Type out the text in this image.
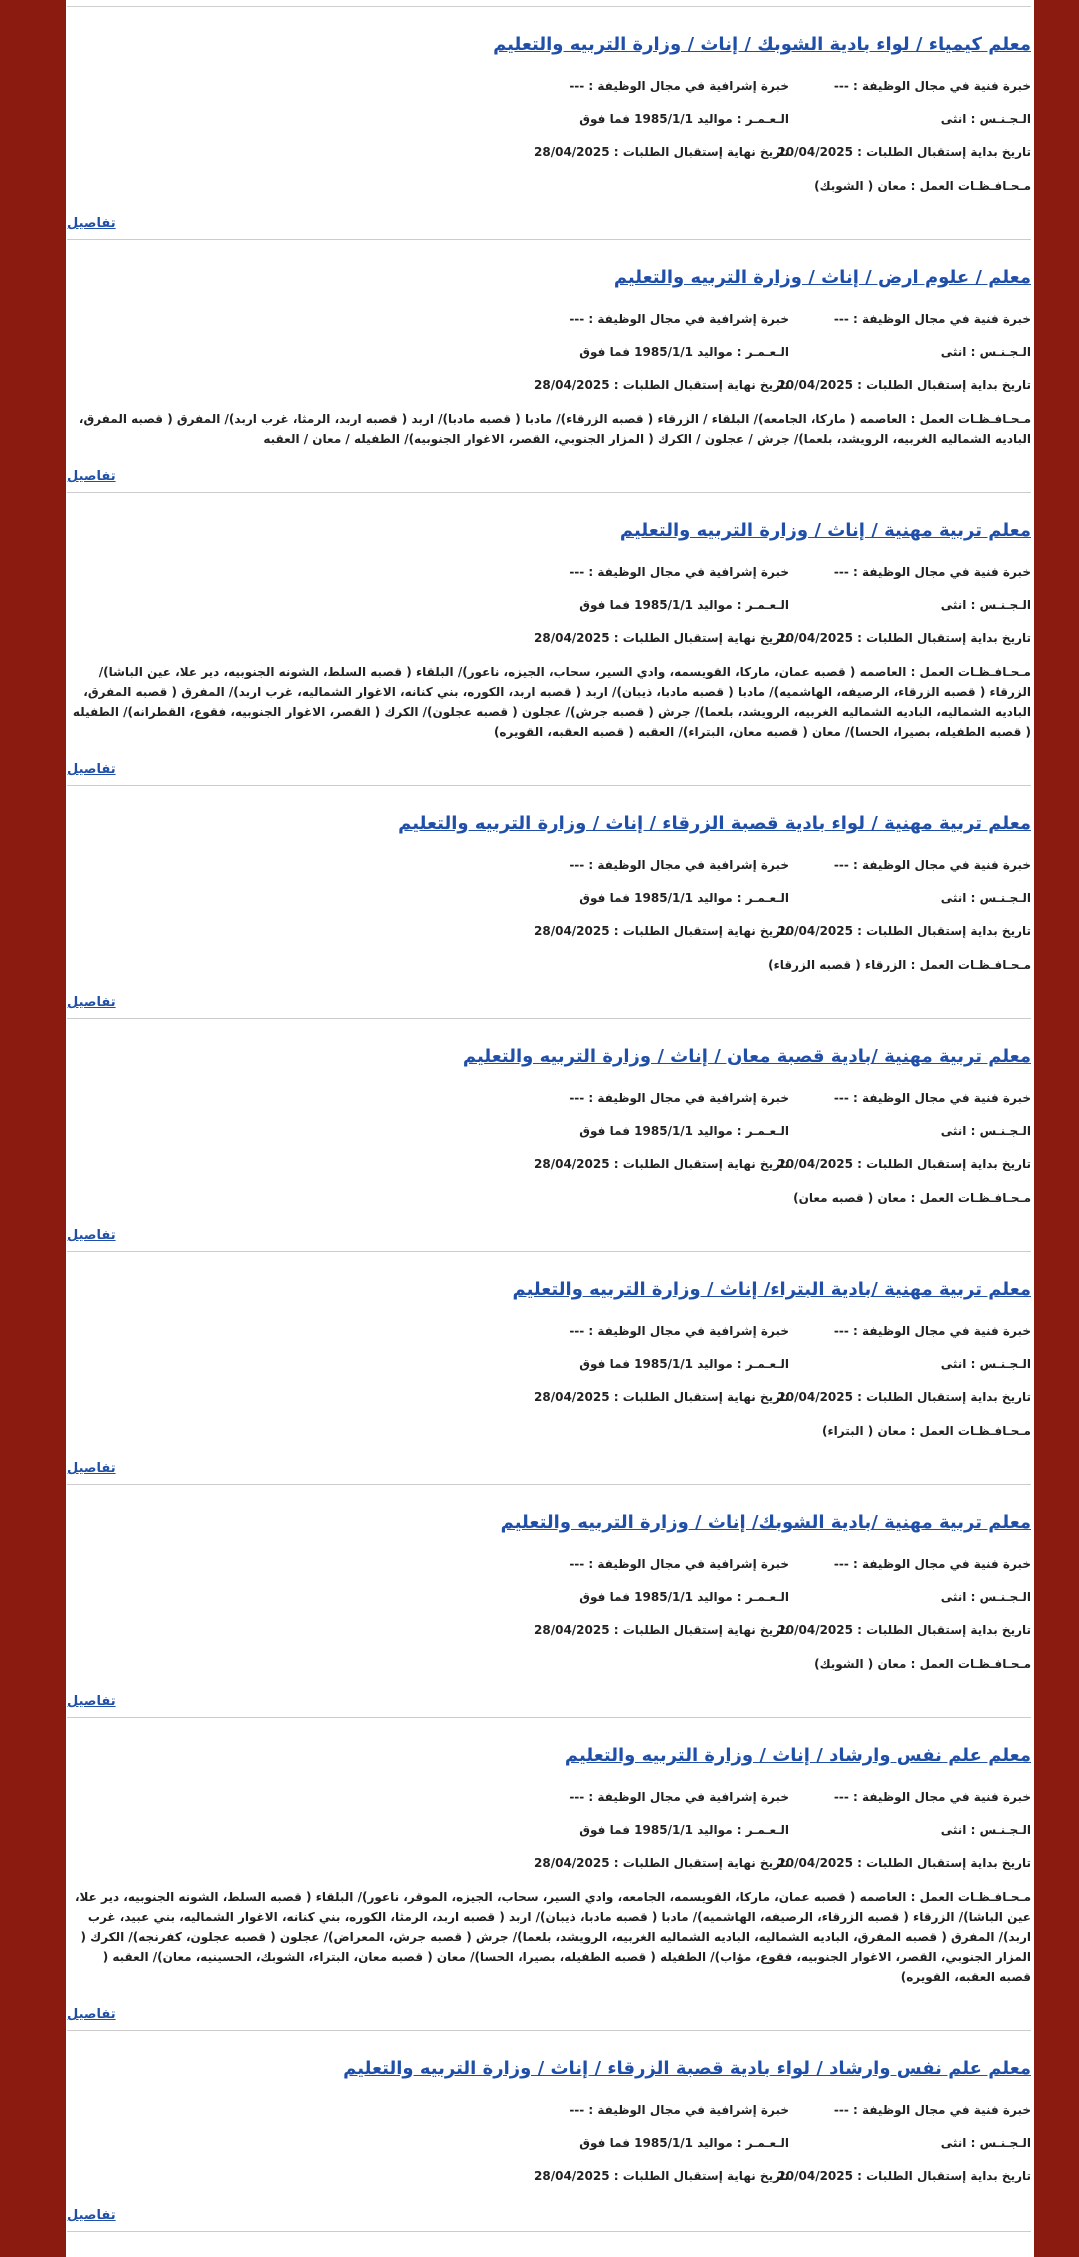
معلم كيمياء / لواء بادية الشوبك / إناث / وزارة التربيه والتعليم
خبرة فنية في مجال الوظيفة : ---
خبرة إشرافية في مجال الوظيفة : ---
الـجـنـس : انثى
الـعـمـر : مواليد 1985/1/1 فما فوق
تاريخ بداية إستقبال الطلبات : 20/04/2025
تاريخ نهاية إستقبال الطلبات : 28/04/2025
مـحـافـظـات العمل : معان ( الشوبك)
تفاصيل
معلم / علوم ارض / إناث / وزارة التربيه والتعليم
خبرة فنية في مجال الوظيفة : ---
خبرة إشرافية في مجال الوظيفة : ---
الـجـنـس : انثى
الـعـمـر : مواليد 1985/1/1 فما فوق
تاريخ بداية إستقبال الطلبات : 20/04/2025
تاريخ نهاية إستقبال الطلبات : 28/04/2025
مـحـافـظـات العمل : العاصمه ( ماركا، الجامعه)/ البلقاء / الزرقاء ( قصبه الزرقاء)/ مادبا ( قصبه مادبا)/ اربد ( قصبه اربد، الرمثا، غرب اربد)/ المفرق ( قصبه المفرق، الباديه الشماليه الغربيه، الرويشد، بلعما)/ جرش / عجلون / الكرك ( المزار الجنوبي، القصر، الاغوار الجنوبيه)/ الطفيله / معان / العقبه
تفاصيل
معلم تربية مهنية / إناث / وزارة التربيه والتعليم
خبرة فنية في مجال الوظيفة : ---
خبرة إشرافية في مجال الوظيفة : ---
الـجـنـس : انثى
الـعـمـر : مواليد 1985/1/1 فما فوق
تاريخ بداية إستقبال الطلبات : 20/04/2025
تاريخ نهاية إستقبال الطلبات : 28/04/2025
مـحـافـظـات العمل : العاصمه ( قصبه عمان، ماركا، القويسمه، وادي السير، سحاب، الجيزه، ناعور)/ البلقاء ( قصبه السلط، الشونه الجنوبيه، دير علا، عين الباشا)/ الزرقاء ( قصبه الزرقاء، الرصيفه، الهاشميه)/ مادبا ( قصبه مادبا، ذيبان)/ اربد ( قصبه اربد، الكوره، بني كنانه، الاغوار الشماليه، غرب اربد)/ المفرق ( قصبه المفرق، الباديه الشماليه، الباديه الشماليه الغربيه، الرويشد، بلعما)/ جرش ( قصبه جرش)/ عجلون ( قصبه عجلون)/ الكرك ( القصر، الاغوار الجنوبيه، فقوع، القطرانه)/ الطفيله ( قصبه الطفيله، بصيرا، الحسا)/ معان ( قصبه معان، البتراء)/ العقبه ( قصبه العقبه، القويره)
تفاصيل
معلم تربية مهنية / لواء بادية قصبة الزرقاء / إناث / وزارة التربيه والتعليم
خبرة فنية في مجال الوظيفة : ---
خبرة إشرافية في مجال الوظيفة : ---
الـجـنـس : انثى
الـعـمـر : مواليد 1985/1/1 فما فوق
تاريخ بداية إستقبال الطلبات : 20/04/2025
تاريخ نهاية إستقبال الطلبات : 28/04/2025
مـحـافـظـات العمل : الزرقاء ( قصبه الزرقاء)
تفاصيل
معلم تربية مهنية /بادية قصبة معان / إناث / وزارة التربيه والتعليم
خبرة فنية في مجال الوظيفة : ---
خبرة إشرافية في مجال الوظيفة : ---
الـجـنـس : انثى
الـعـمـر : مواليد 1985/1/1 فما فوق
تاريخ بداية إستقبال الطلبات : 20/04/2025
تاريخ نهاية إستقبال الطلبات : 28/04/2025
مـحـافـظـات العمل : معان ( قصبه معان)
تفاصيل
معلم تربية مهنية /بادية البتراء/ إناث / وزارة التربيه والتعليم
خبرة فنية في مجال الوظيفة : ---
خبرة إشرافية في مجال الوظيفة : ---
الـجـنـس : انثى
الـعـمـر : مواليد 1985/1/1 فما فوق
تاريخ بداية إستقبال الطلبات : 20/04/2025
تاريخ نهاية إستقبال الطلبات : 28/04/2025
مـحـافـظـات العمل : معان ( البتراء)
تفاصيل
معلم تربية مهنية /بادية الشوبك/ إناث / وزارة التربيه والتعليم
خبرة فنية في مجال الوظيفة : ---
خبرة إشرافية في مجال الوظيفة : ---
الـجـنـس : انثى
الـعـمـر : مواليد 1985/1/1 فما فوق
تاريخ بداية إستقبال الطلبات : 20/04/2025
تاريخ نهاية إستقبال الطلبات : 28/04/2025
مـحـافـظـات العمل : معان ( الشوبك)
تفاصيل
معلم علم نفس وارشاد / إناث / وزارة التربيه والتعليم
خبرة فنية في مجال الوظيفة : ---
خبرة إشرافية في مجال الوظيفة : ---
الـجـنـس : انثى
الـعـمـر : مواليد 1985/1/1 فما فوق
تاريخ بداية إستقبال الطلبات : 20/04/2025
تاريخ نهاية إستقبال الطلبات : 28/04/2025
مـحـافـظـات العمل : العاصمه ( قصبه عمان، ماركا، القويسمه، الجامعه، وادي السير، سحاب، الجيزه، الموقر، ناعور)/ البلقاء ( قصبه السلط، الشونه الجنوبيه، دير علا، عين الباشا)/ الزرقاء ( قصبه الزرقاء، الرصيفه، الهاشميه)/ مادبا ( قصبه مادبا، ذيبان)/ اربد ( قصبه اربد، الرمثا، الكوره، بني كنانه، الاغوار الشماليه، بني عبيد، غرب اربد)/ المفرق ( قصبه المفرق، الباديه الشماليه، الباديه الشماليه الغربيه، الرويشد، بلعما)/ جرش ( قصبه جرش، المعراض)/ عجلون ( قصبه عجلون، كفرنجه)/ الكرك ( المزار الجنوبي، القصر، الاغوار الجنوبيه، فقوع، مؤاب)/ الطفيله ( قصبه الطفيله، بصيرا، الحسا)/ معان ( قصبه معان، البتراء، الشوبك، الحسينيه، معان)/ العقبه ( قصبه العقبه، القويره)
تفاصيل
معلم علم نفس وارشاد / لواء بادية قصبة الزرقاء / إناث / وزارة التربيه والتعليم
خبرة فنية في مجال الوظيفة : ---
خبرة إشرافية في مجال الوظيفة : ---
الـجـنـس : انثى
الـعـمـر : مواليد 1985/1/1 فما فوق
تاريخ بداية إستقبال الطلبات : 20/04/2025
تاريخ نهاية إستقبال الطلبات : 28/04/2025
تفاصيل
